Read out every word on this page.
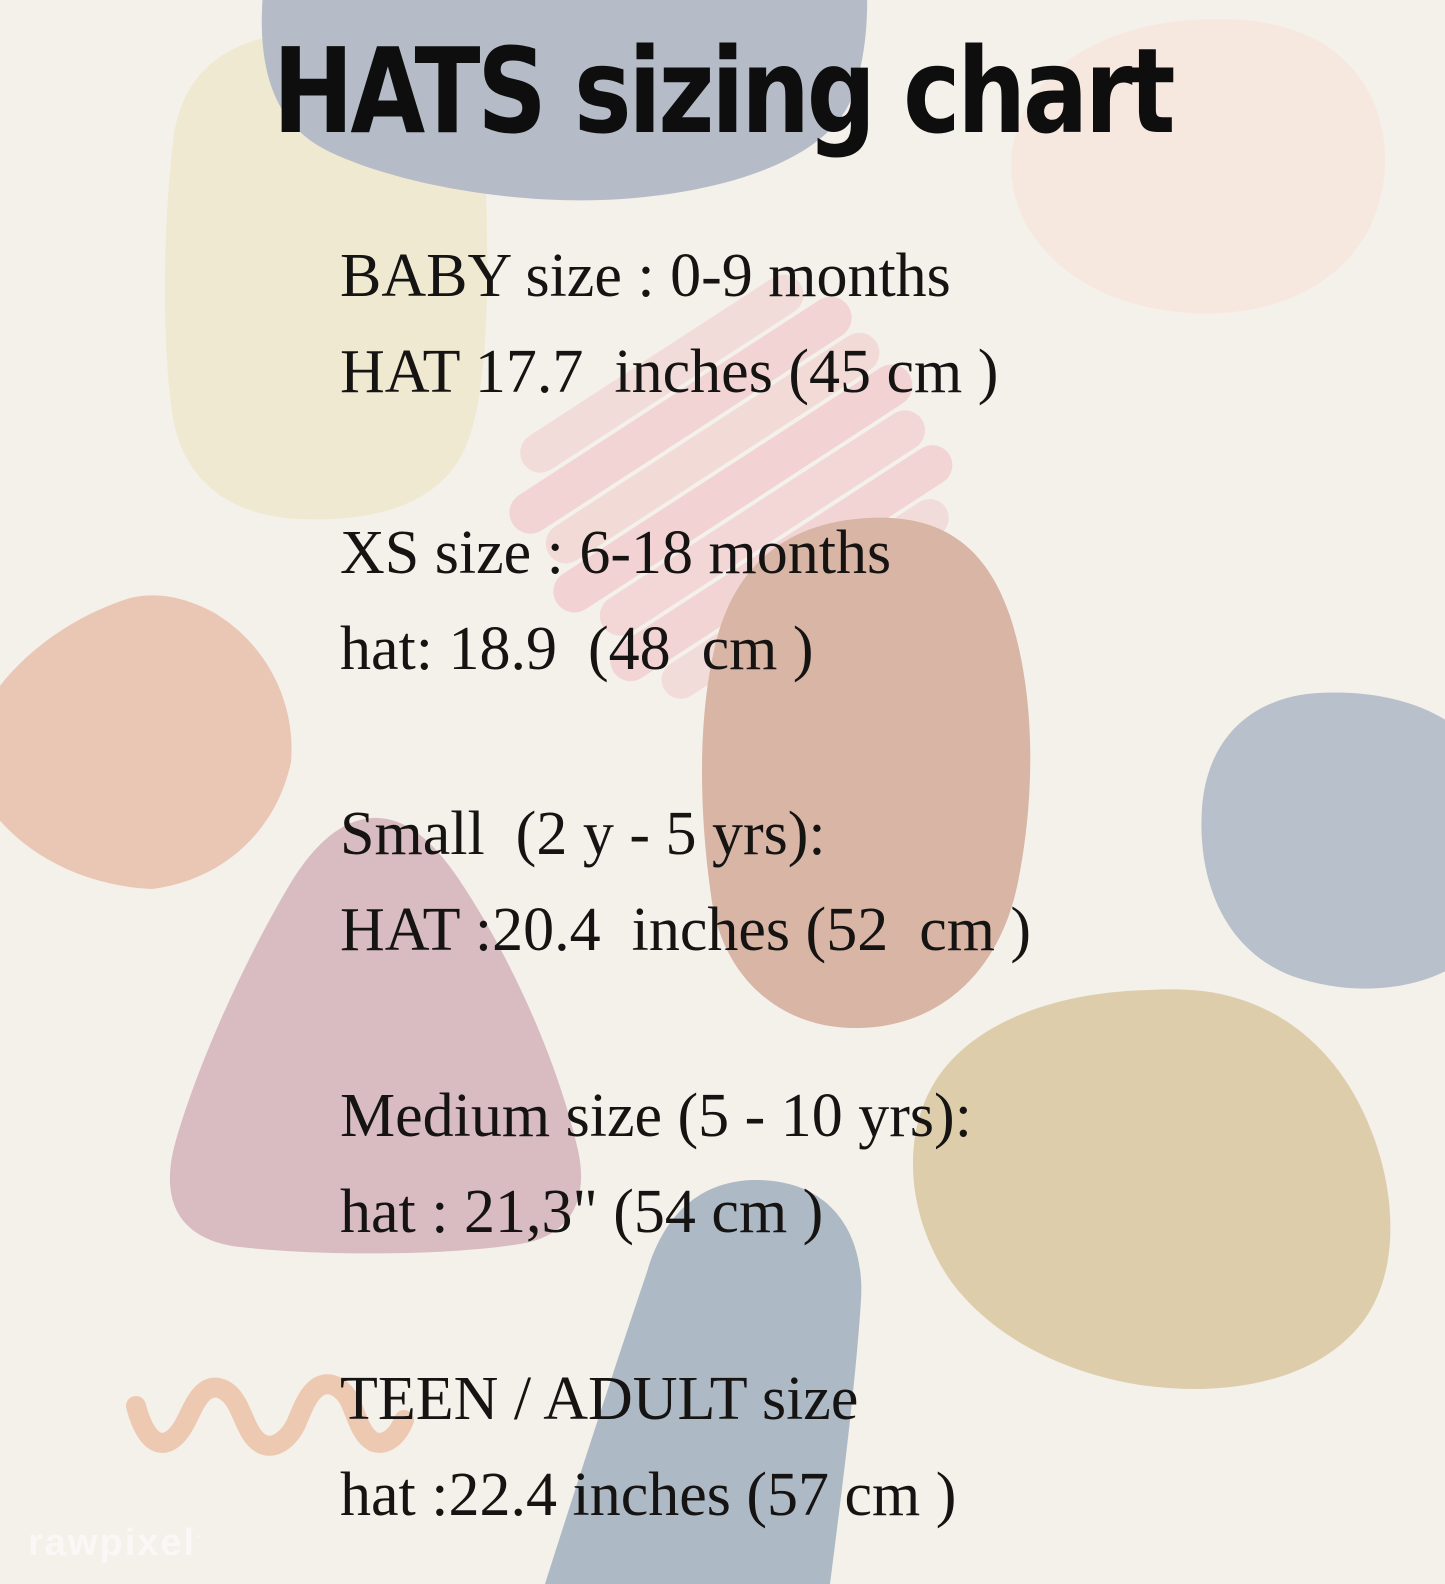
HATS sizing chart
BABY size : 0-9 months
HAT 17.7  inches (45 cm )
XS size : 6-18 months
hat: 18.9  (48  cm )
Small  (2 y - 5 yrs):
HAT :20.4  inches (52  cm )
Medium size (5 - 10 yrs):
hat : 21,3" (54 cm )
TEEN / ADULT size
hat :22.4 inches (57 cm )
rawpixel·
